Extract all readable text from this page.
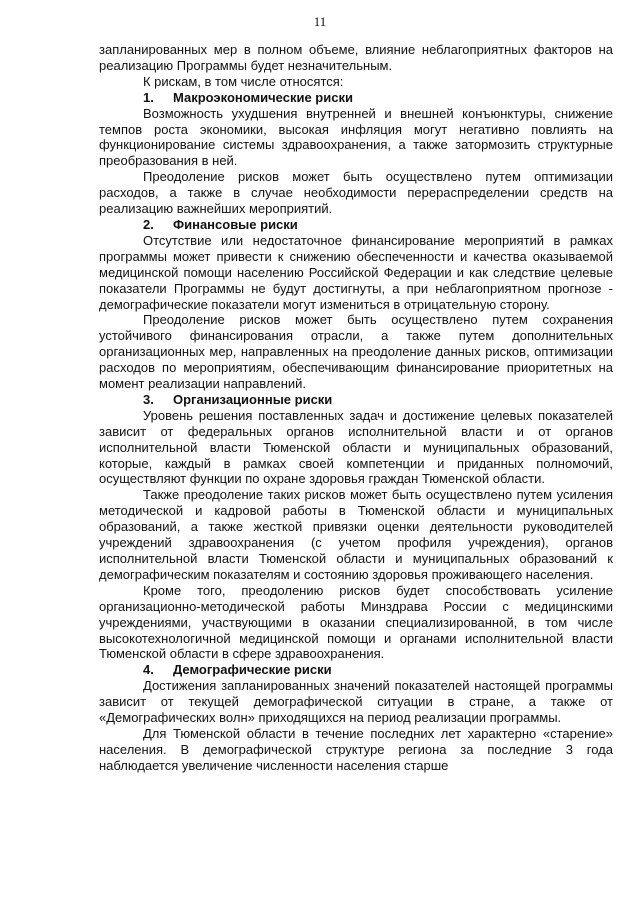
11

запланированных мер в полном объеме, влияние неблагоприятных факторов на реализацию Программы будет незначительным.

К рискам, в том числе относятся:

1. Макроэкономические риски

Возможность ухудшения внутренней и внешней конъюнктуры, снижение темпов роста экономики, высокая инфляция могут негативно повлиять на функционирование системы здравоохранения, а также затормозить структурные преобразования в ней.

Преодоление рисков может быть осуществлено путем оптимизации расходов, а также в случае необходимости перераспределении средств на реализацию важнейших мероприятий.

2. Финансовые риски

Отсутствие или недостаточное финансирование мероприятий в рамках программы может привести к снижению обеспеченности и качества оказываемой медицинской помощи населению Российской Федерации и как следствие целевые показатели Программы не будут достигнуты, а при неблагоприятном прогнозе - демографические показатели могут измениться в отрицательную сторону.

Преодоление рисков может быть осуществлено путем сохранения устойчивого финансирования отрасли, а также путем дополнительных организационных мер, направленных на преодоление данных рисков, оптимизации расходов по мероприятиям, обеспечивающим финансирование приоритетных на момент реализации направлений.

3. Организационные риски

Уровень решения поставленных задач и достижение целевых показателей зависит от федеральных органов исполнительной власти и от органов исполнительной власти Тюменской области и муниципальных образований, которые, каждый в рамках своей компетенции и приданных полномочий, осуществляют функции по охране здоровья граждан Тюменской области.

Также преодоление таких рисков может быть осуществлено путем усиления методической и кадровой работы в Тюменской области и муниципальных образований, а также жесткой привязки оценки деятельности руководителей учреждений здравоохранения (с учетом профиля учреждения), органов исполнительной власти Тюменской области и муниципальных образований к демографическим показателям и состоянию здоровья проживающего населения.

Кроме того, преодолению рисков будет способствовать усиление организационно-методической работы Минздрава России с медицинскими учреждениями, участвующими в оказании специализированной, в том числе высокотехнологичной медицинской помощи и органами исполнительной власти Тюменской области в сфере здравоохранения.

4. Демографические риски

Достижения запланированных значений показателей настоящей программы зависит от текущей демографической ситуации в стране, а также от «Демографических волн» приходящихся на период реализации программы.

Для Тюменской области в течение последних лет характерно «старение» населения. В демографической структуре региона за последние 3 года наблюдается увеличение численности населения старше
